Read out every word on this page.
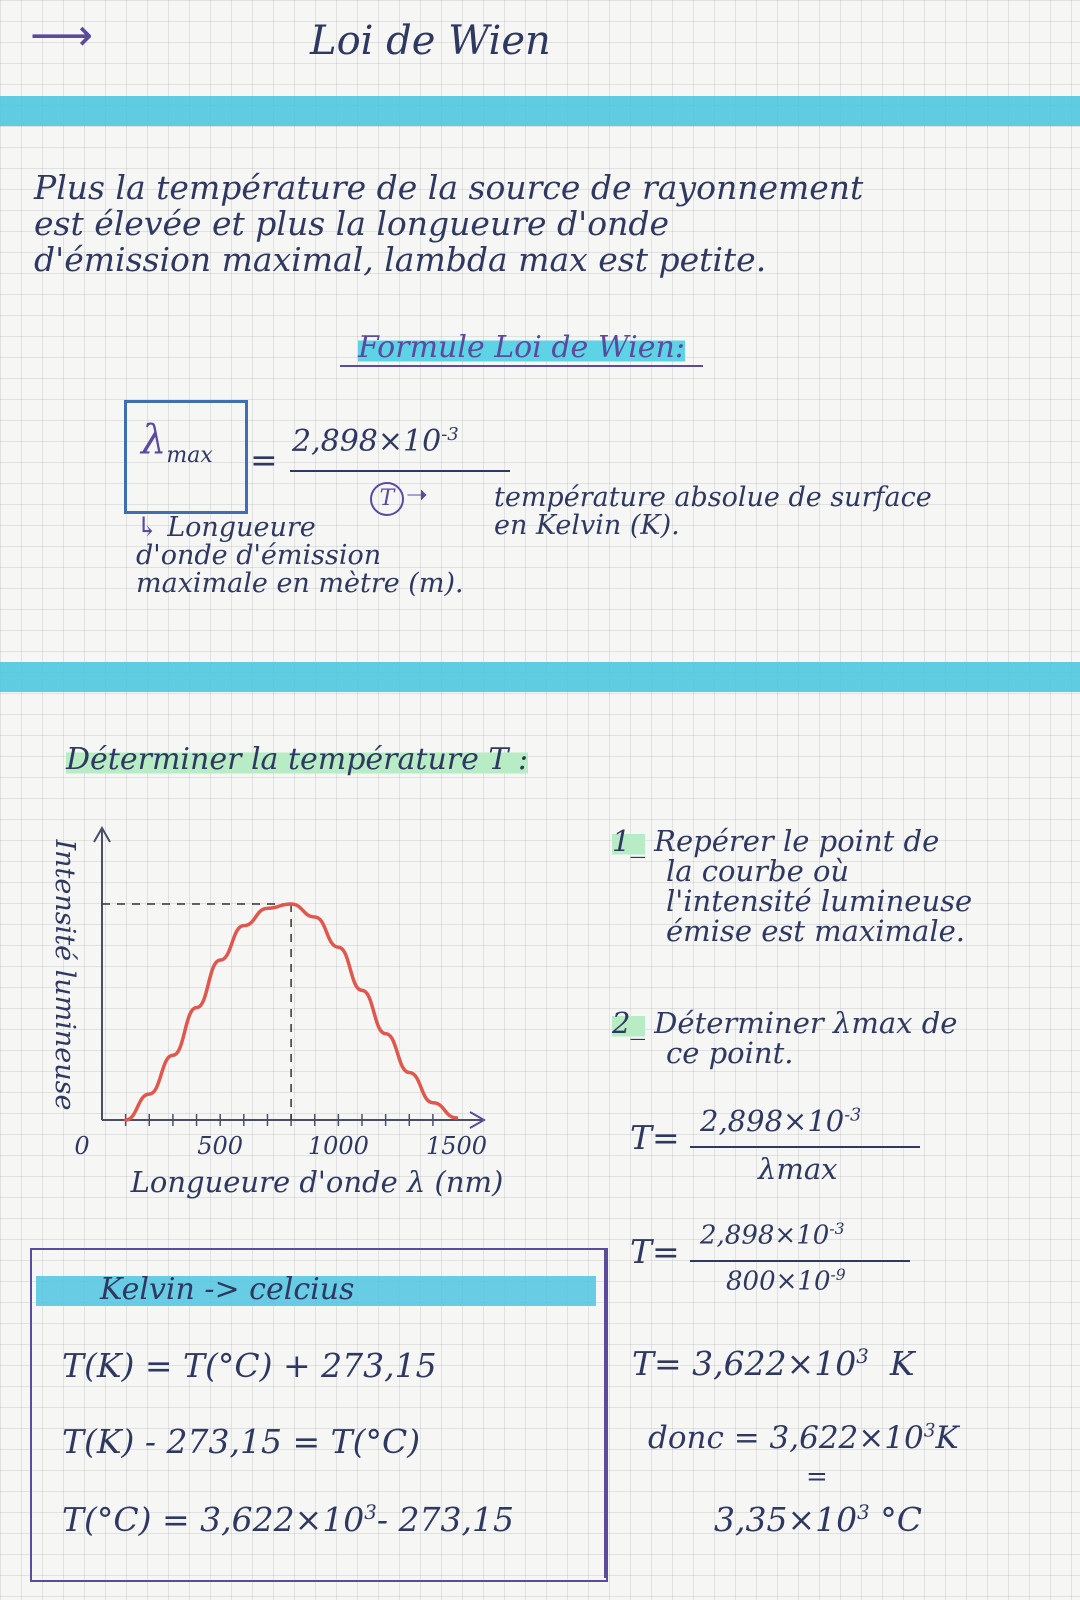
⟶	Loi de Wien
Plus la température de la source de rayonnement
est élevée et plus la longueure d'onde
d'émission maximal, lambda max est petite.
Formule Loi de Wien:
$\lambda_{max} = 2,898\times 10^{-3}$
T ➝ température absolue de surface
en Kelvin (K).
↳ Longueure
d'onde d'émission
maximale en mètre (m).
Déterminer la température T :
0	500	1000 1500
Intensité lumineuse
Longueure d'onde λ (nm)
1_ Repérer le point de
la courbe où
l'intensité lumineuse
émise est maximale.
2_ Déterminer λmax de
ce point.
$T= 2,898\times 10^{-3}$
λmax
$T= 2,898\times 10^{-3}$
$800\times 10^{-9}$
$T= 3,622\times 10^3$ K
donc = $3,622\times 10^3K$
=
$3,35\times 10^3$ °C
Kelvin -> celcius
T(K) = T(°C) + 273,15
T(K) - 273,15 = T(°C)
$T(^\circ C) = 3,622\times 10^3-$ 273,15
